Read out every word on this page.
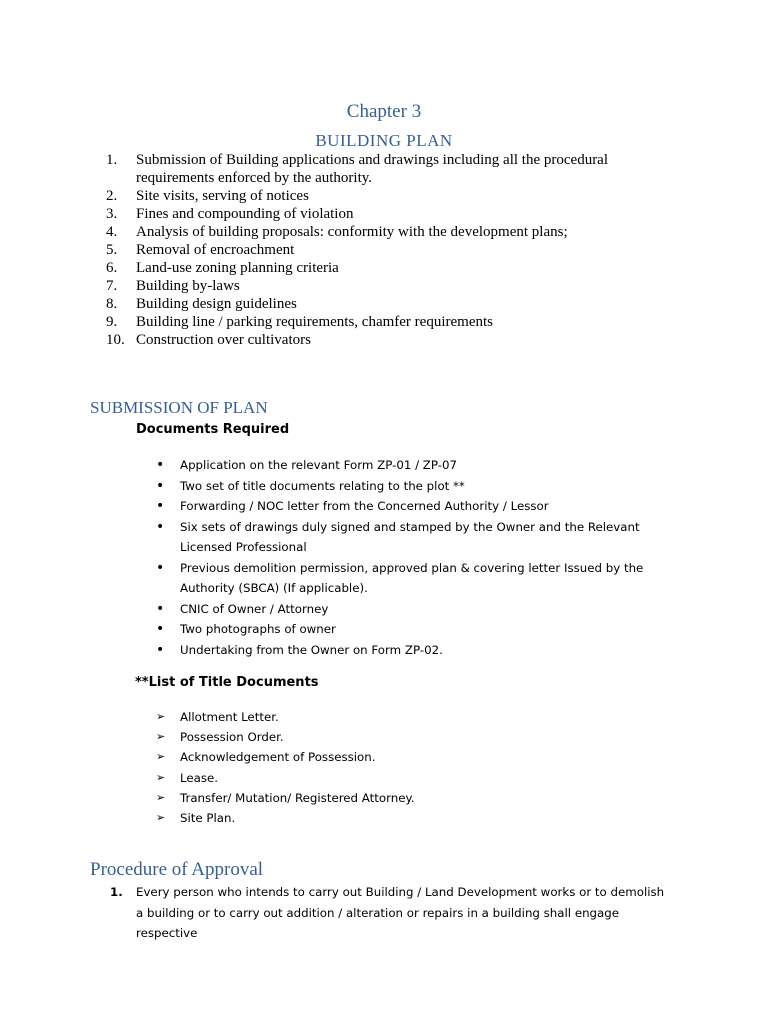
Chapter 3
BUILDING PLAN
1.	Submission of Building applications and drawings including all the procedural requirements enforced by the authority.
2.	Site visits, serving of notices
3.	Fines and compounding of violation
4.	Analysis of building proposals: conformity with the development plans;
5.	Removal of encroachment
6.	Land-use zoning planning criteria
7.	Building by-laws
8.	Building design guidelines
9.	Building line / parking requirements, chamfer requirements
10. Construction over cultivators
SUBMISSION OF PLAN
Documents Required
•	Application on the relevant Form ZP-01 / ZP-07
•	Two set of title documents relating to the plot **
•	Forwarding / NOC letter from the Concerned Authority / Lessor
•	Six sets of drawings duly signed and stamped by the Owner and the Relevant Licensed Professional
•	Previous demolition permission, approved plan & covering letter Issued by the Authority (SBCA) (If applicable).
•	CNIC of Owner / Attorney
•	Two photographs of owner
•	Undertaking from the Owner on Form ZP-02.
**List of Title Documents
➢	Allotment Letter.
➢	Possession Order.
➢	Acknowledgement of Possession.
➢	Lease.
➢	Transfer/ Mutation/ Registered Attorney.
➢	Site Plan.
Procedure of Approval
1.	Every person who intends to carry out Building / Land Development works or to demolish a building or to carry out addition / alteration or repairs in a building shall engage respective
